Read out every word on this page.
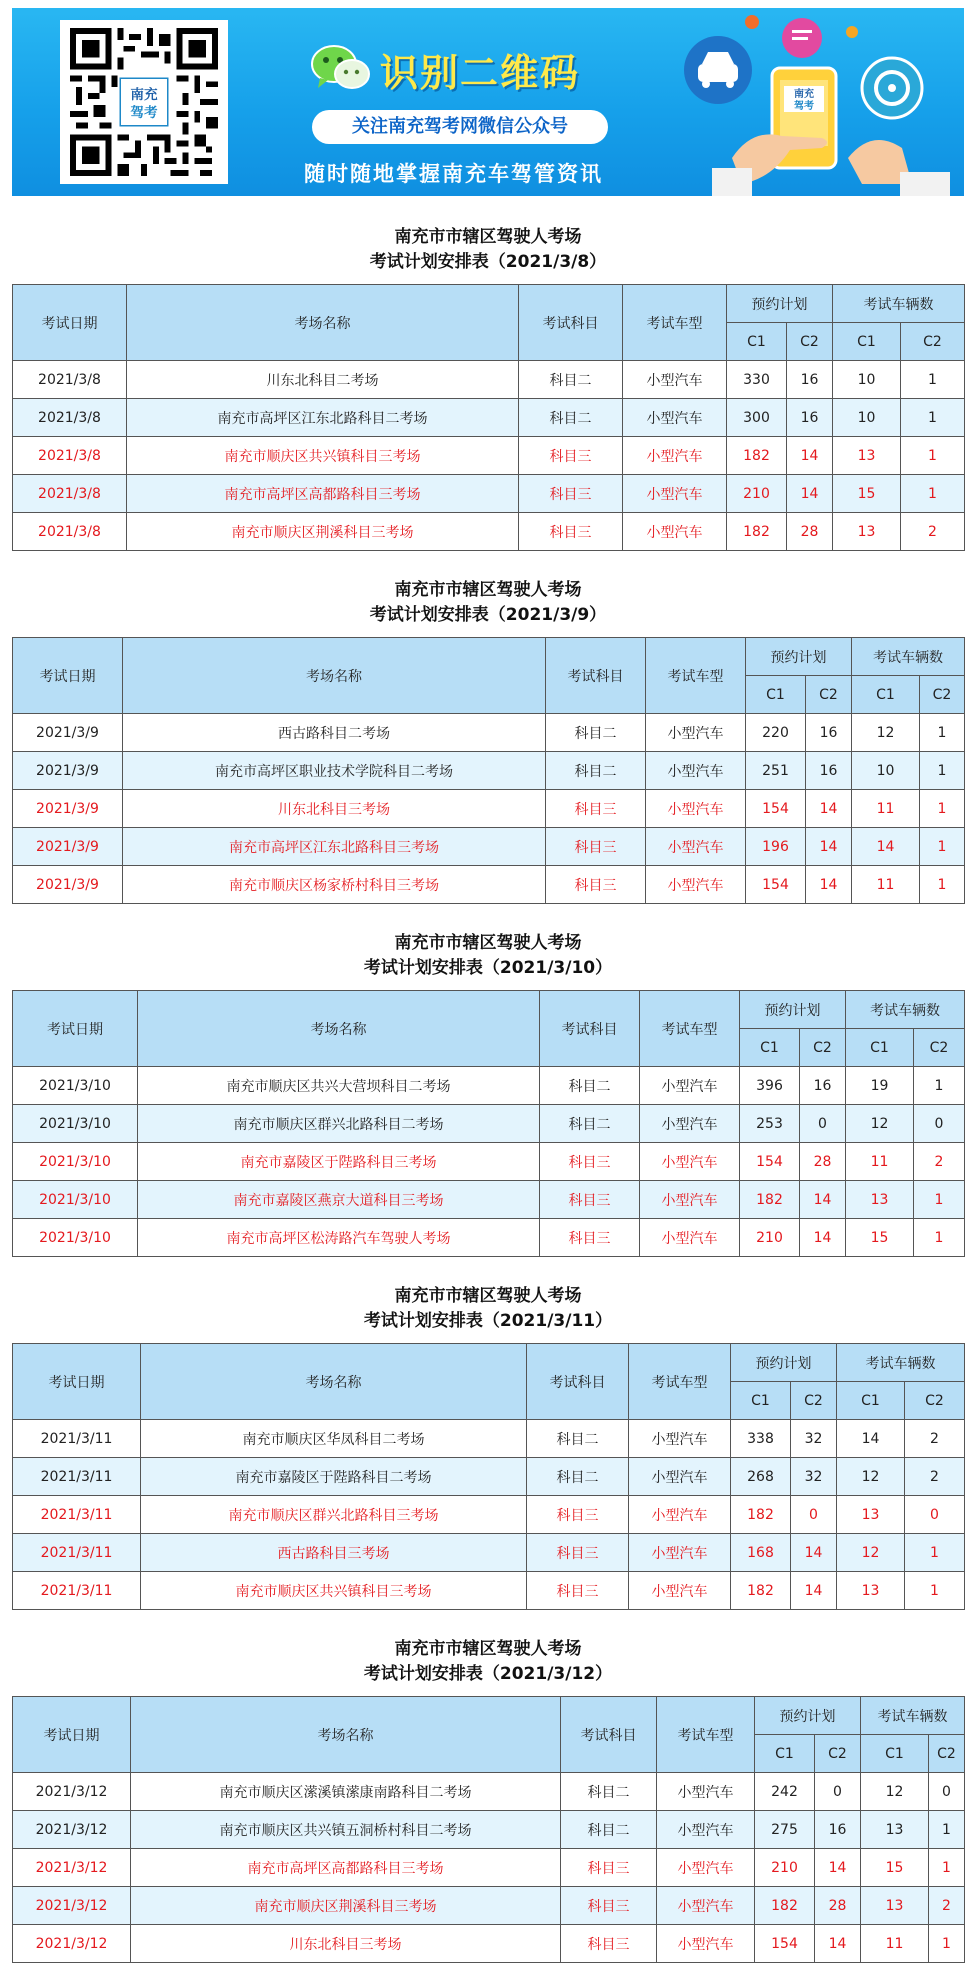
南充
驾考
识别二维码
关注南充驾考网微信公众号
随时随地掌握南充车驾管资讯
南充
驾考
南充市市辖区驾驶人考场
考试计划安排表（2021/3/8）
考试日期	考场名称	考试科目	考试车型	预约计划		考试车辆数	
				C1	C2	C1	C2
2021/3/8	川东北科目二考场	科目二	小型汽车	330	16	10	1
2021/3/8	南充市高坪区江东北路科目二考场	科目二	小型汽车	300	16	10	1
2021/3/8	南充市顺庆区共兴镇科目三考场	科目三	小型汽车	182	14	13	1
2021/3/8	南充市高坪区高都路科目三考场	科目三	小型汽车	210	14	15	1
2021/3/8	南充市顺庆区荆溪科目三考场	科目三	小型汽车	182	28	13	2
南充市市辖区驾驶人考场
考试计划安排表（2021/3/9）
考试日期	考场名称	考试科目	考试车型	预约计划		考试车辆数	
				C1	C2	C1	C2
2021/3/9	西古路科目二考场	科目二	小型汽车	220	16	12	1
2021/3/9	南充市高坪区职业技术学院科目二考场	科目二	小型汽车	251	16	10	1
2021/3/9	川东北科目三考场	科目三	小型汽车	154	14	11	1
2021/3/9	南充市高坪区江东北路科目三考场	科目三	小型汽车	196	14	14	1
2021/3/9	南充市顺庆区杨家桥村科目三考场	科目三	小型汽车	154	14	11	1
南充市市辖区驾驶人考场
考试计划安排表（2021/3/10）
考试日期	考场名称	考试科目	考试车型	预约计划		考试车辆数	
				C1	C2	C1	C2
2021/3/10	南充市顺庆区共兴大营坝科目二考场	科目二	小型汽车	396	16	19	1
2021/3/10	南充市顺庆区群兴北路科目二考场	科目二	小型汽车	253	0	12	0
2021/3/10	南充市嘉陵区于陛路科目三考场	科目三	小型汽车	154	28	11	2
2021/3/10	南充市嘉陵区燕京大道科目三考场	科目三	小型汽车	182	14	13	1
2021/3/10	南充市高坪区松涛路汽车驾驶人考场	科目三	小型汽车	210	14	15	1
南充市市辖区驾驶人考场
考试计划安排表（2021/3/11）
考试日期	考场名称	考试科目	考试车型	预约计划		考试车辆数	
				C1	C2	C1	C2
2021/3/11	南充市顺庆区华凤科目二考场	科目二	小型汽车	338	32	14	2
2021/3/11	南充市嘉陵区于陛路科目二考场	科目二	小型汽车	268	32	12	2
2021/3/11	南充市顺庆区群兴北路科目三考场	科目三	小型汽车	182	0	13	0
2021/3/11	西古路科目三考场	科目三	小型汽车	168	14	12	1
2021/3/11	南充市顺庆区共兴镇科目三考场	科目三	小型汽车	182	14	13	1
南充市市辖区驾驶人考场
考试计划安排表（2021/3/12）
考试日期	考场名称	考试科目	考试车型	预约计划		考试车辆数	
				C1	C2	C1	C2
2021/3/12	南充市顺庆区潆溪镇潆康南路科目二考场	科目二	小型汽车	242	0	12	0
2021/3/12	南充市顺庆区共兴镇五洞桥村科目二考场	科目二	小型汽车	275	16	13	1
2021/3/12	南充市高坪区高都路科目三考场	科目三	小型汽车	210	14	15	1
2021/3/12	南充市顺庆区荆溪科目三考场	科目三	小型汽车	182	28	13	2
2021/3/12	川东北科目三考场	科目三	小型汽车	154	14	11	1
